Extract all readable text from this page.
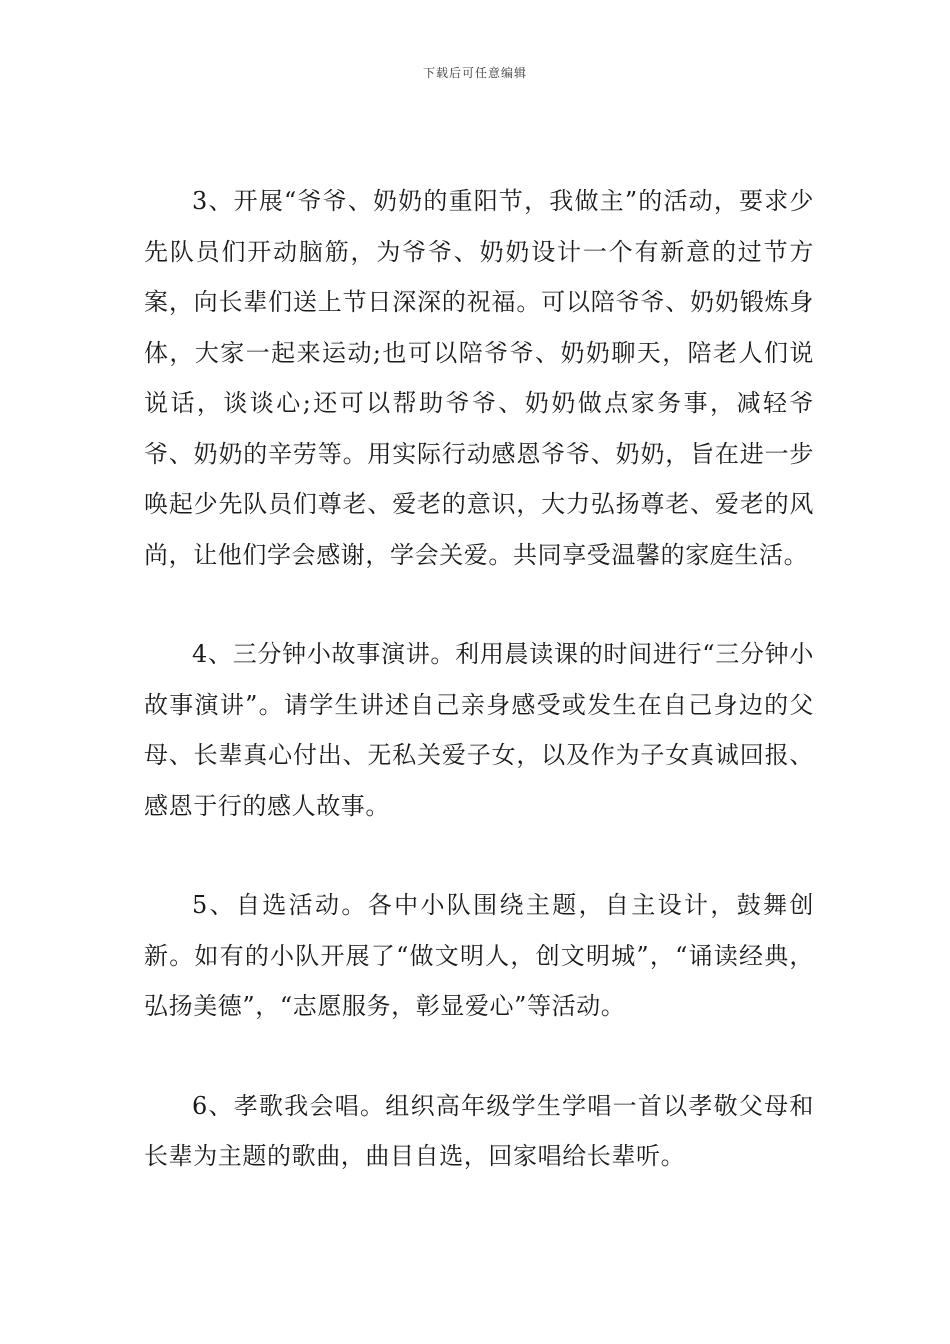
下载后可任意编辑

3、开展“爷爷、奶奶的重阳节，我做主”的活动，要求少先队员们开动脑筋，为爷爷、奶奶设计一个有新意的过节方案，向长辈们送上节日深深的祝福。可以陪爷爷、奶奶锻炼身体，大家一起来运动;也可以陪爷爷、奶奶聊天，陪老人们说说话，谈谈心;还可以帮助爷爷、奶奶做点家务事，减轻爷爷、奶奶的辛劳等。用实际行动感恩爷爷、奶奶，旨在进一步唤起少先队员们尊老、爱老的意识，大力弘扬尊老、爱老的风尚，让他们学会感谢，学会关爱。共同享受温馨的家庭生活。

4、三分钟小故事演讲。利用晨读课的时间进行“三分钟小故事演讲”。请学生讲述自己亲身感受或发生在自己身边的父母、长辈真心付出、无私关爱子女，以及作为子女真诚回报、感恩于行的感人故事。

5、自选活动。各中小队围绕主题，自主设计，鼓舞创新。如有的小队开展了“做文明人，创文明城”，“诵读经典，弘扬美德”，“志愿服务，彰显爱心”等活动。

6、孝歌我会唱。组织高年级学生学唱一首以孝敬父母和长辈为主题的歌曲，曲目自选，回家唱给长辈听。
